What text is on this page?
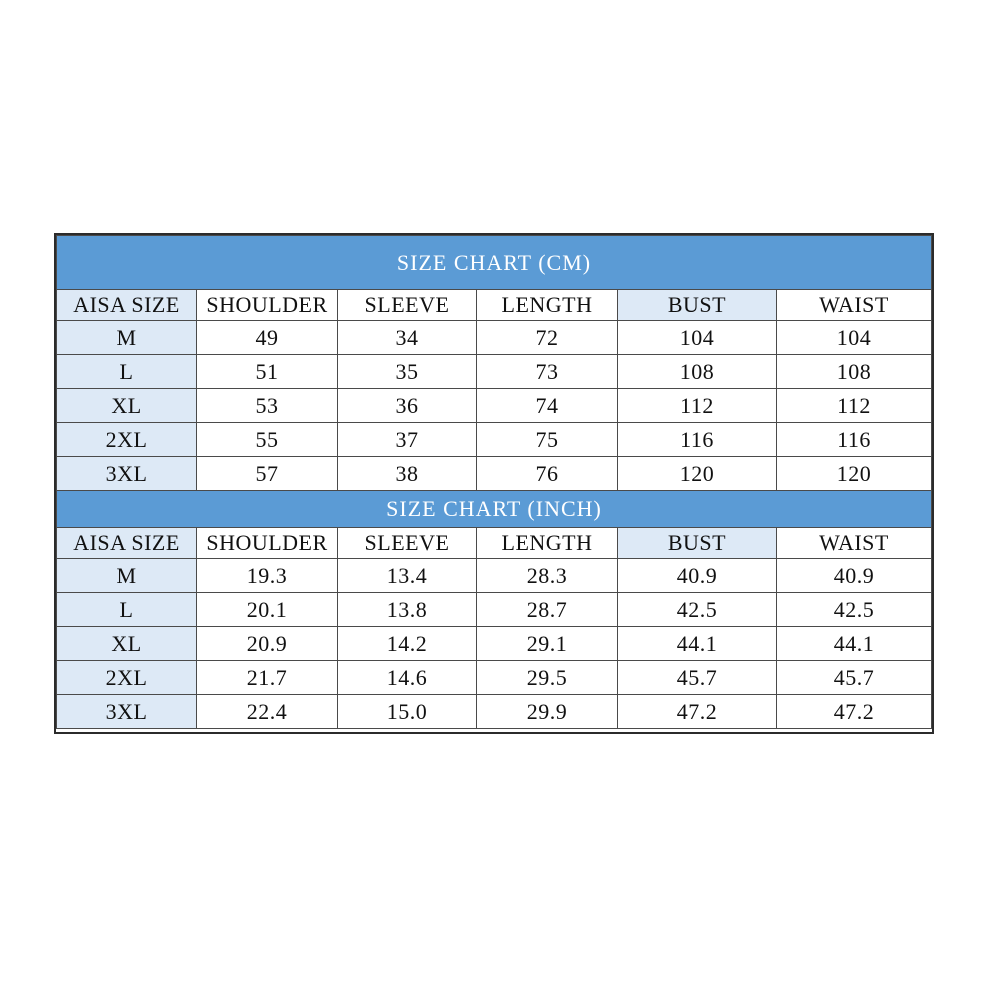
SIZE CHART (CM)					
AISA SIZE	SHOULDER	SLEEVE	LENGTH	BUST	WAIST
M	49	34	72	104	104
L	51	35	73	108	108
XL	53	36	74	112	112
2XL	55	37	75	116	116
3XL	57	38	76	120	120
SIZE CHART (INCH)					
AISA SIZE	SHOULDER	SLEEVE	LENGTH	BUST	WAIST
M	19.3	13.4	28.3	40.9	40.9
L	20.1	13.8	28.7	42.5	42.5
XL	20.9	14.2	29.1	44.1	44.1
2XL	21.7	14.6	29.5	45.7	45.7
3XL	22.4	15.0	29.9	47.2	47.2
